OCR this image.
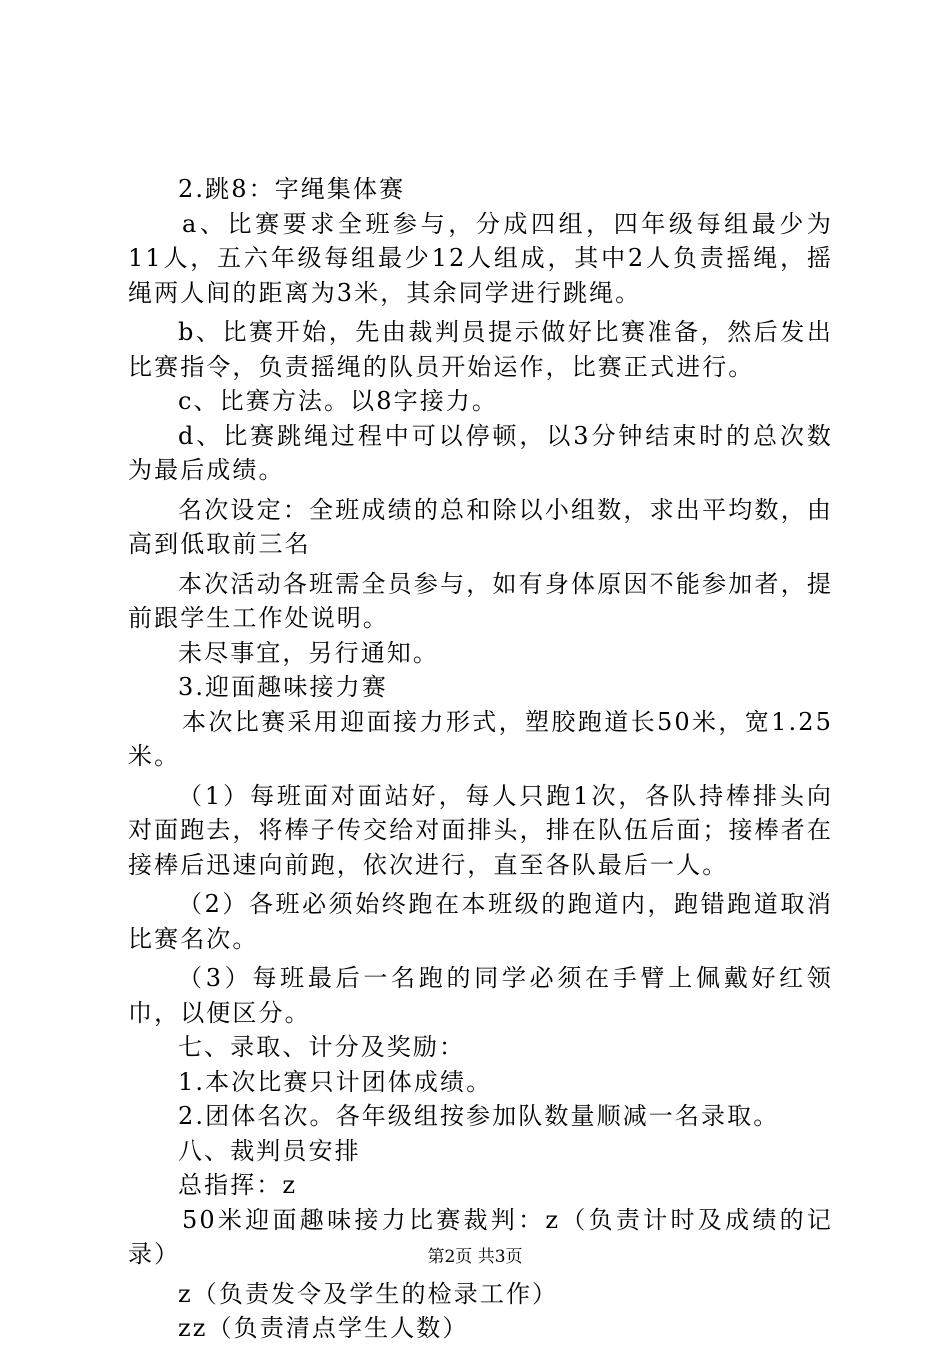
2.跳8：字绳集体赛

a、比赛要求全班参与，分成四组，四年级每组最少为11人，五六年级每组最少12人组成，其中2人负责摇绳，摇绳两人间的距离为3米，其余同学进行跳绳。

b、比赛开始，先由裁判员提示做好比赛准备，然后发出比赛指令，负责摇绳的队员开始运作，比赛正式进行。

c、比赛方法。以8字接力。

d、比赛跳绳过程中可以停顿，以3分钟结束时的总次数为最后成绩。

名次设定：全班成绩的总和除以小组数，求出平均数，由高到低取前三名

本次活动各班需全员参与，如有身体原因不能参加者，提前跟学生工作处说明。

未尽事宜，另行通知。

3.迎面趣味接力赛

本次比赛采用迎面接力形式，塑胶跑道长50米，宽1.25米。

（1）每班面对面站好，每人只跑1次，各队持棒排头向对面跑去，将棒子传交给对面排头，排在队伍后面；接棒者在接棒后迅速向前跑，依次进行，直至各队最后一人。

（2）各班必须始终跑在本班级的跑道内，跑错跑道取消比赛名次。

（3）每班最后一名跑的同学必须在手臂上佩戴好红领巾，以便区分。

七、录取、计分及奖励：

1.本次比赛只计团体成绩。

2.团体名次。各年级组按参加队数量顺减一名录取。

八、裁判员安排

总指挥：z

50米迎面趣味接力比赛裁判：z（负责计时及成绩的记录）

z（负责发令及学生的检录工作）

zz（负责清点学生人数）

第2页 共3页
